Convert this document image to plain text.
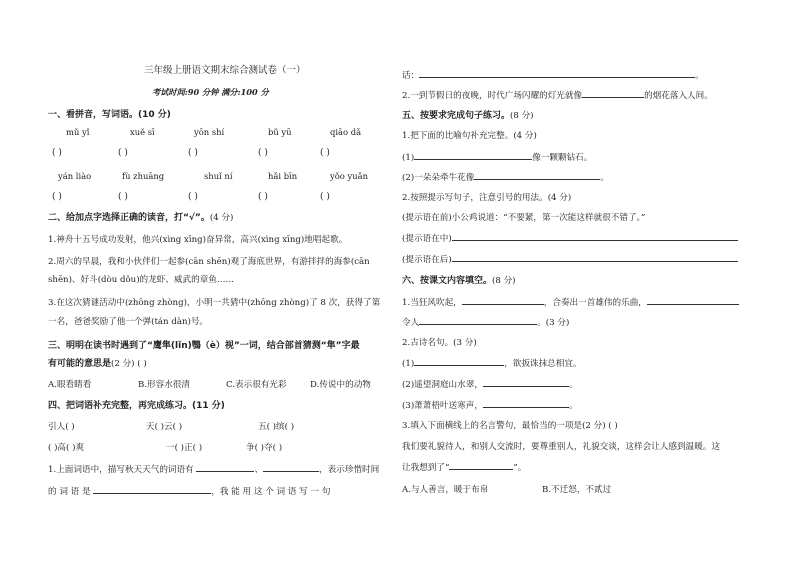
三年级上册语文期末综合测试卷（一）
考试时间:90 分钟 满分:100 分
一、看拼音，写词语。(10 分)
mǔ yǐ	xuě sī	yōn shí	bǔ yū	qiāo dǎ
( )	( )	( )	( )	( )
yán liào	fù zhuāng	shuǐ ní	hǎi bīn	yǒo yuǎn
( )	( )	( )	( )	( )
二、给加点字选择正确的读音，打“√”。(4 分)
1.神舟十五号成功发射，他兴(xìng xīng)奋异常，高兴(xìng xīng)地唱起歌。
2.周六的早晨，我和小伙伴们一起参(cān shēn)观了海底世界，有游拌拌的海参(cān
shēn)、好斗(dòu dǒu)的龙虾、威武的章鱼……
3.在这次猜谜活动中(zhōng zhòng)，小明一共猜中(zhōng zhòng)了 8 次，获得了第
一名，爸爸奖励了他一个弹(tán dàn)号。
三、明明在读书时遇到了“鹰隼(lǐn)鶚（è）视”一词，结合部首猜测“隼”字最
有可能的意思是(2 分) ( )
A.眼看睛看	B.形容水很清	C.表示很有光彩	D.传说中的动物
四、把词语补充完整，再完成练习。(11 分)
引人( )	天( )云( )	五( )缤( )
( )高( )爽	一( )正( )	争( )夺( )
1.上面词语中，描写秋天天气的词语有	、	，表示珍惜时间
的 词 语 是	，我 能 用 这 个 词 语 写 一 句
话：	。
2.一到节假日的夜晚，时代广场闪耀的灯光就像	的烟花落入人间。
五、按要求完成句子练习。(8 分)
1.把下面的比喻句补充完整。(4 分)
(1)	像一颗颗钻石。
(2)一朵朵牵牛花像	。
2.按照提示写句子，注意引号的用法。(4 分)
(提示语在前)小公鸡说道：“不要紧，第一次能这样就很不错了。”
(提示语在中)
(提示语在后)
六、按课文内容填空。(8 分)
1.当狂风吹起，	，合奏出一首雄伟的乐曲，
令人	。(3 分)
2.古诗名句。(3 分)
(1)	，欲扳诛抹总相宜。
(2)遥望洞庭山水翠，	。
(3)萧萧梧叶送寒声，	。
3.填入下面横线上的名言警句，最恰当的一项是(2 分) ( )
我们要礼貌待人，和别人交流时，要尊重别人，礼貌交谈，这样会让人感到温暖。这
让我想到了“	”。
A.与人善言，暖于布帛	B.不迁怒，不贰过
